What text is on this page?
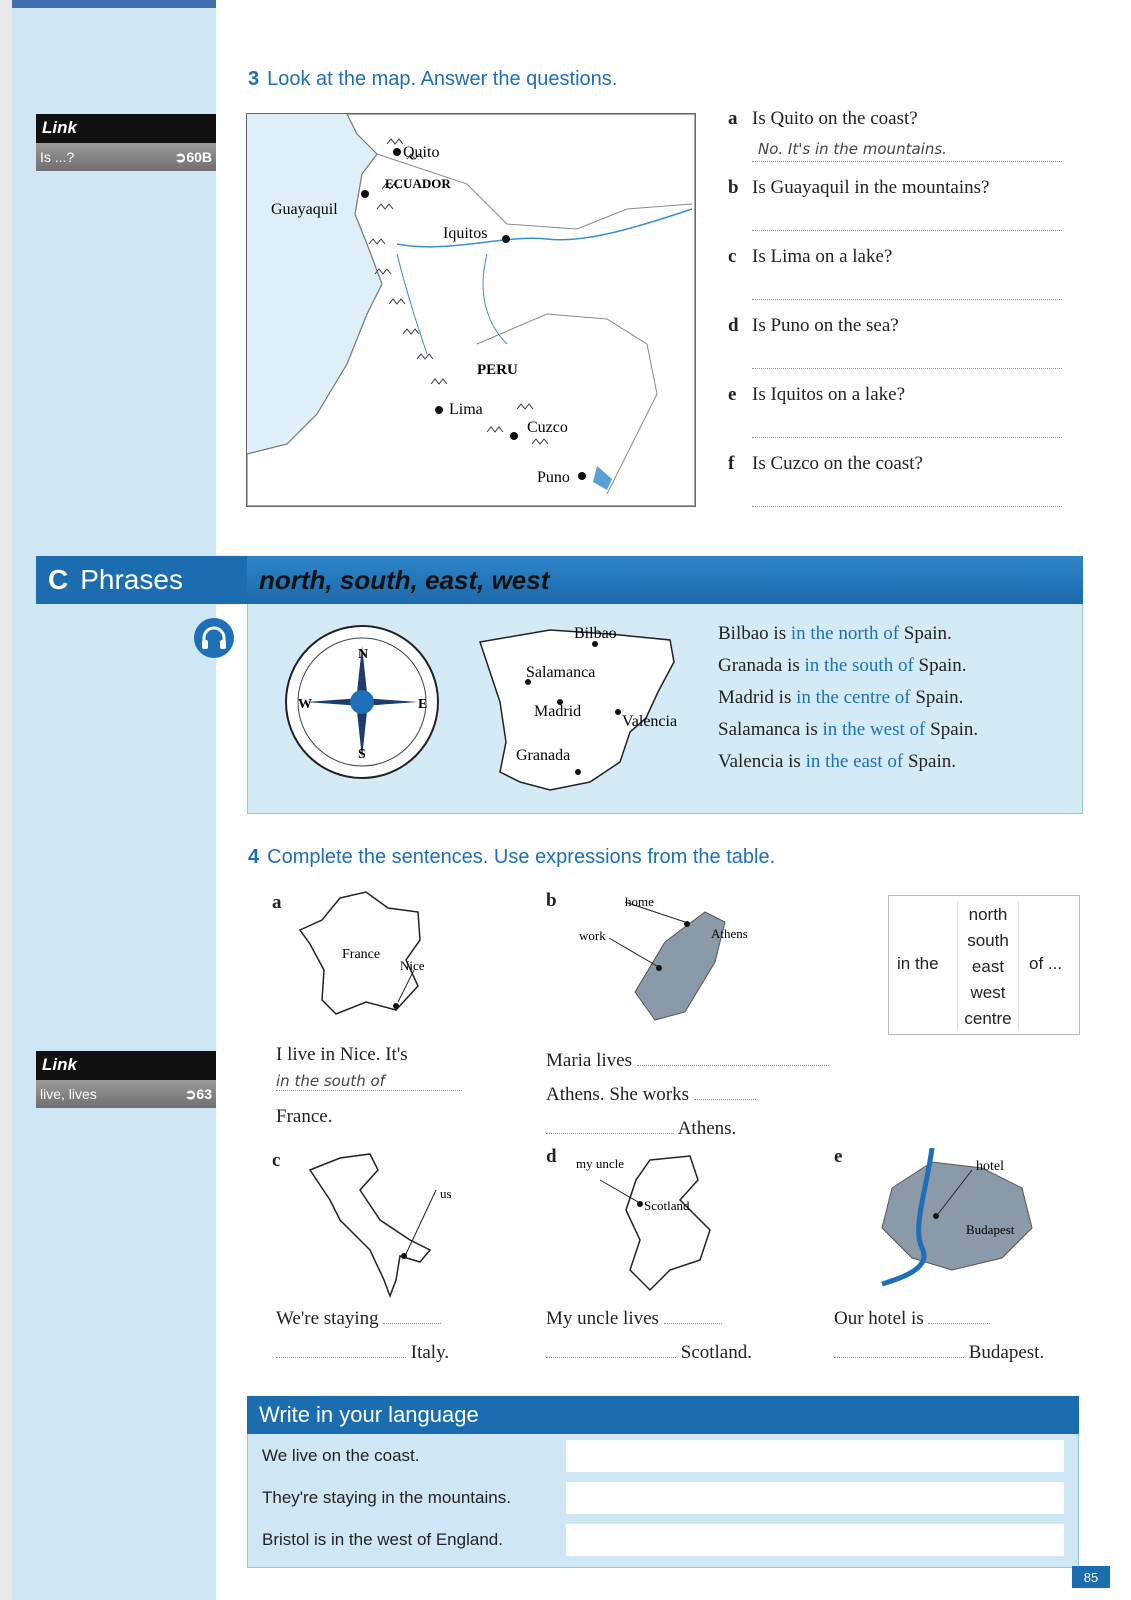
Link
Is ...?	➲60B
Link
live, lives	➲63
3 Look at the map. Answer the questions.
Quito
ECUADOR
Guayaquil
Iquitos
PERU
Lima
Cuzco
Puno
a Is Quito on the coast?
No. It's in the mountains.
b Is Guayaquil in the mountains?
c Is Lima on a lake?
d Is Puno on the sea?
e Is Iquitos on a lake?
f Is Cuzco on the coast?
C Phrases	north, south, east, west
N
E
S
W
Bilbao
Salamanca
Madrid
Valencia
Granada
Bilbao is in the north of Spain.
Granada is in the south of Spain.
Madrid is in the centre of Spain.
Salamanca is in the west of Spain.
Valencia is in the east of Spain.
4 Complete the sentences. Use expressions from the table.
in the
north
south
east
west
centre
of ...
a
France
Nice
I live in Nice. It's
in the south of
France.
b	home
work	Athens
Maria lives
Athens. She works
Athens.
c
us
We're staying
Italy.
d my uncle
Scotland
My uncle lives
Scotland.
e	hotel
Budapest
Our hotel is
Budapest.
Write in your language
We live on the coast.
They're staying in the mountains.
Bristol is in the west of England.
85
